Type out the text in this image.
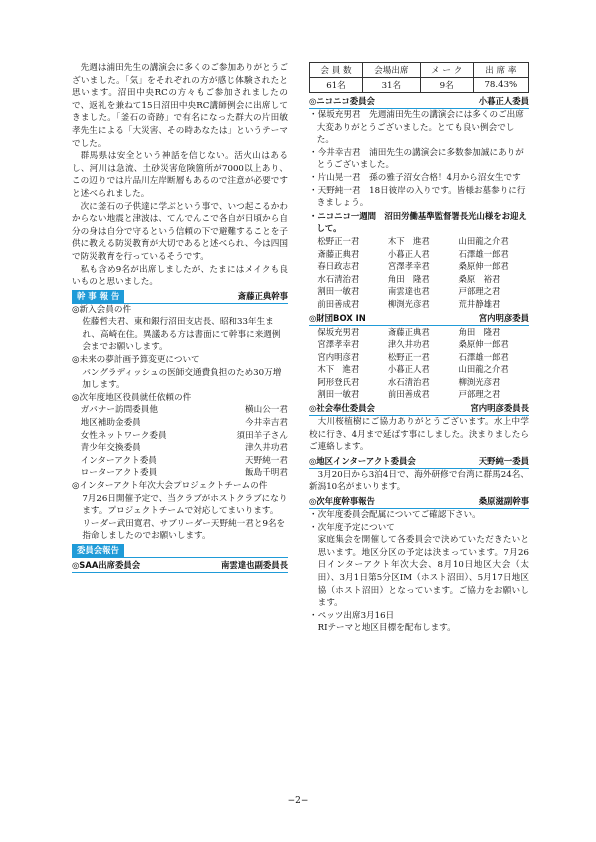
先週は浦田先生の講演会に多くのご参加ありがとうございました。「気」をそれぞれの方が感じ体験されたと思います。沼田中央RCの方々もご参加されましたので、返礼を兼ねて15日沼田中央RC講師例会に出席してきました。「釜石の奇跡」で有名になった群大の片田敏孝先生による「大災害、その時あなたは」というテーマでした。

群馬県は安全という神話を信じない。活火山はあるし、河川は急流、土砂災害危険箇所が7000以上あり、この辺りでは片品川左岸断層もあるので注意が必要ですと述べられました。

次に釜石の子供達に学ぶという事で、いつ起こるかわからない地震と津波は、てんでんこで各自が日頃から自分の身は自分で守るという信頼の下で避難することを子供に教える防災教育が大切であると述べられ、今は四国で防災教育を行っているそうです。

私も含め9名が出席しましたが、たまにはメイクも良いものと思いました。

幹 事 報 告	斎藤正典幹事

◎新入会員の件

佐藤哲夫君、東和銀行沼田支店長、昭和33年生まれ、高崎在住。異議ある方は書面にて幹事に来週例会までお願いします。

◎未来の夢計画予算変更について

バングラディッシュの医師交通費負担のため30万増加します。

◎次年度地区役員就任依頼の件

ガバナー訪問委員他	横山公一君
地区補助金委員	今井幸吉君
女性ネットワーク委員	須田羊子さん
青少年交換委員	津久井功君
インターアクト委員	天野純一君
ローターアクト委員	飯島千明君

◎インターアクト年次大会プロジェクトチームの件

7月26日開催予定で、当クラブがホストクラブになります。プロジェクトチームで対応してまいります。

リーダー武田寛君、サブリーダー天野純一君と9名を指命しましたのでお願いします。

委員会報告
◎SAA出席委員会	南雲達也副委員長
会 員 数	会場出席	メ ー ク	出 席 率
61名	31名	9名	78.43%
◎ニコニコ委員会	小暮正人委員

・保坂充男君　先週浦田先生の講演会には多くのご出席大変ありがとうございました。とても良い例会でした。

・今井幸吉君　浦田先生の講演会に多数参加誠にありがとうございました。

・片山晃一君　孫の雅子沼女合格！4月から沼女生です

・天野純一君　18日彼岸の入りです。皆様お墓参りに行きましょう。

・ニコニコ一週間　沼田労働基準監督署長光山様をお迎えして。

松野正一君	木下　進君	山田龍之介君
斎藤正典君	小暮正人君	石澤雄一郎君
春日政志君	宮澤孝幸君	桑原伸一郎君
水石清治君	角田　隆君	桑原　裕君
割田一敏君	南雲達也君	戸部理之君
前田善成君	柳渕光彦君	荒井静雄君
◎財団BOX IN	宮内明彦委員
保坂充男君	斎藤正典君	角田　隆君
宮澤孝幸君	津久井功君	桑原伸一郎君
宮内明彦君	松野正一君	石澤雄一郎君
木下　進君	小暮正人君	山田龍之介君
阿形登氏君	水石清治君	柳渕光彦君
割田一敏君	前田善成君	戸部理之君
◎社会奉仕委員会	宮内明彦委員長

大川桜植樹にご協力ありがとうございます。水上中学校に行き、4月まで延ばす事にしました。決まりましたらご連絡します。

◎地区インターアクト委員会	天野純一委員

3月20日から3泊4日で、海外研修で台湾に群馬24名、新潟10名がまいります。

◎次年度幹事報告	桑原滋副幹事

・次年度委員会配属についてご確認下さい。

・次年度予定について

家庭集会を開催して各委員会で決めていただきたいと思います。地区分区の予定は決まっています。7月26日インターアクト年次大会、8月10日地区大会（太田）、3月1日第5分区IM（ホスト沼田）、5月17日地区協（ホスト沼田）となっています。ご協力をお願いします。

・ペッツ出席3月16日

RIテーマと地区目標を配布します。

−2−
